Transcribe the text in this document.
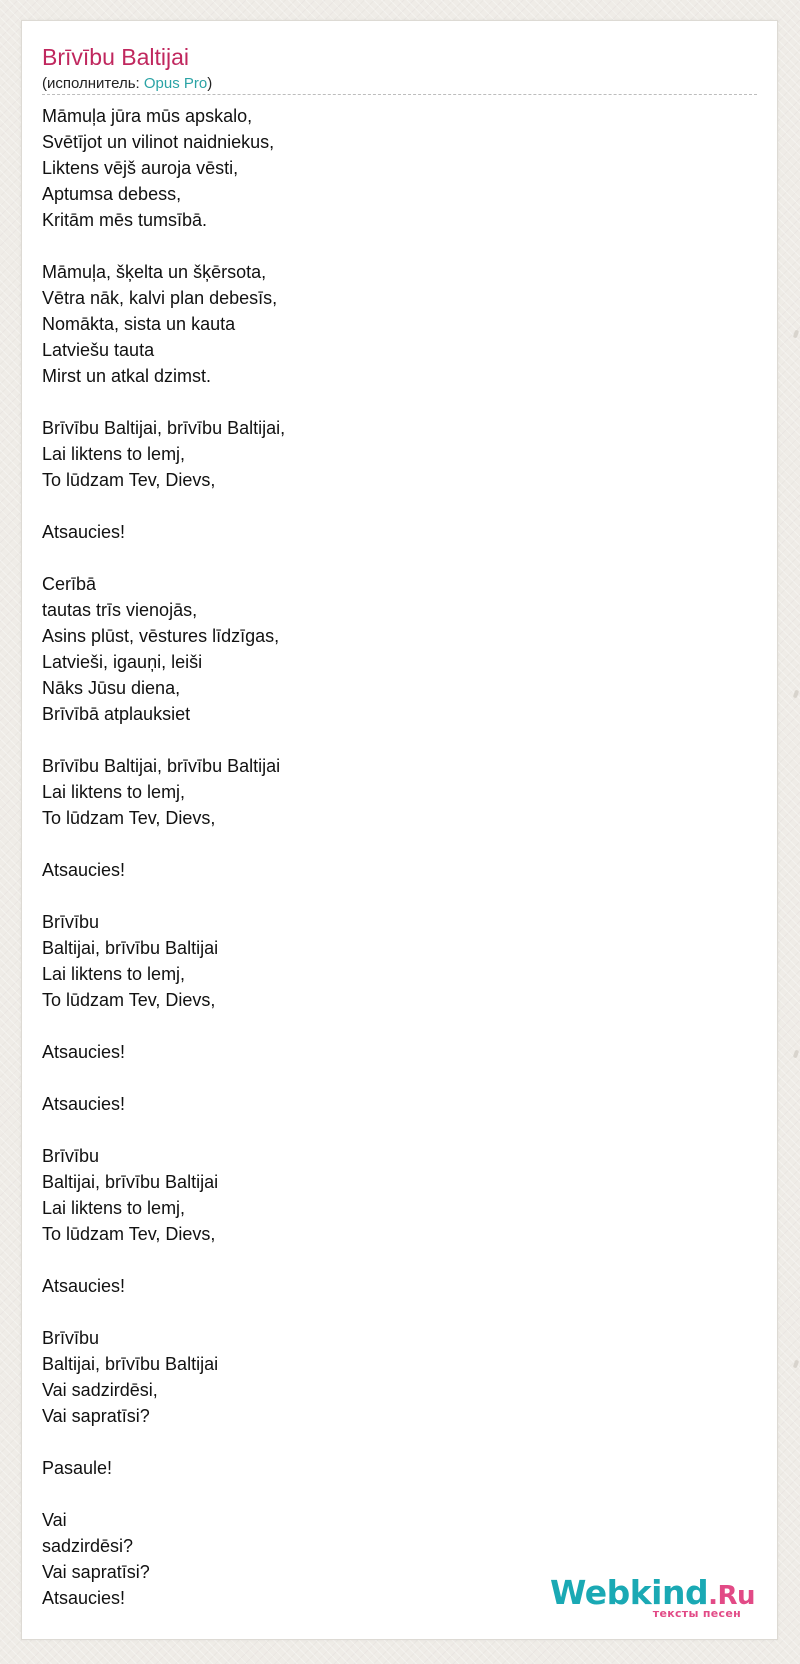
Brīvību Baltijai
(исполнитель: Opus Pro)
Māmuļa jūra mūs apskalo,
Svētījot un vilinot naidniekus,
Liktens vējš auroja vēsti,
Aptumsa debess,
Kritām mēs tumsībā.
Māmuļa, šķelta un šķērsota,
Vētra nāk, kalvi plan debesīs,
Nomākta, sista un kauta
Latviešu tauta
Mirst un atkal dzimst.
Brīvību Baltijai, brīvību Baltijai,
Lai liktens to lemj,
To lūdzam Tev, Dievs,
Atsaucies!
Cerībā
tautas trīs vienojās,
Asins plūst, vēstures līdzīgas,
Latvieši, igauņi, leiši
Nāks Jūsu diena,
Brīvībā atplauksiet
Brīvību Baltijai, brīvību Baltijai
Lai liktens to lemj,
To lūdzam Tev, Dievs,
Atsaucies!
Brīvību
Baltijai, brīvību Baltijai
Lai liktens to lemj,
To lūdzam Tev, Dievs,
Atsaucies!
Atsaucies!
Brīvību
Baltijai, brīvību Baltijai
Lai liktens to lemj,
To lūdzam Tev, Dievs,
Atsaucies!
Brīvību
Baltijai, brīvību Baltijai
Vai sadzirdēsi,
Vai sapratīsi?
Pasaule!
Vai
sadzirdēsi?
Vai sapratīsi?
Atsaucies!	Webkind.Ru
тексты песен
